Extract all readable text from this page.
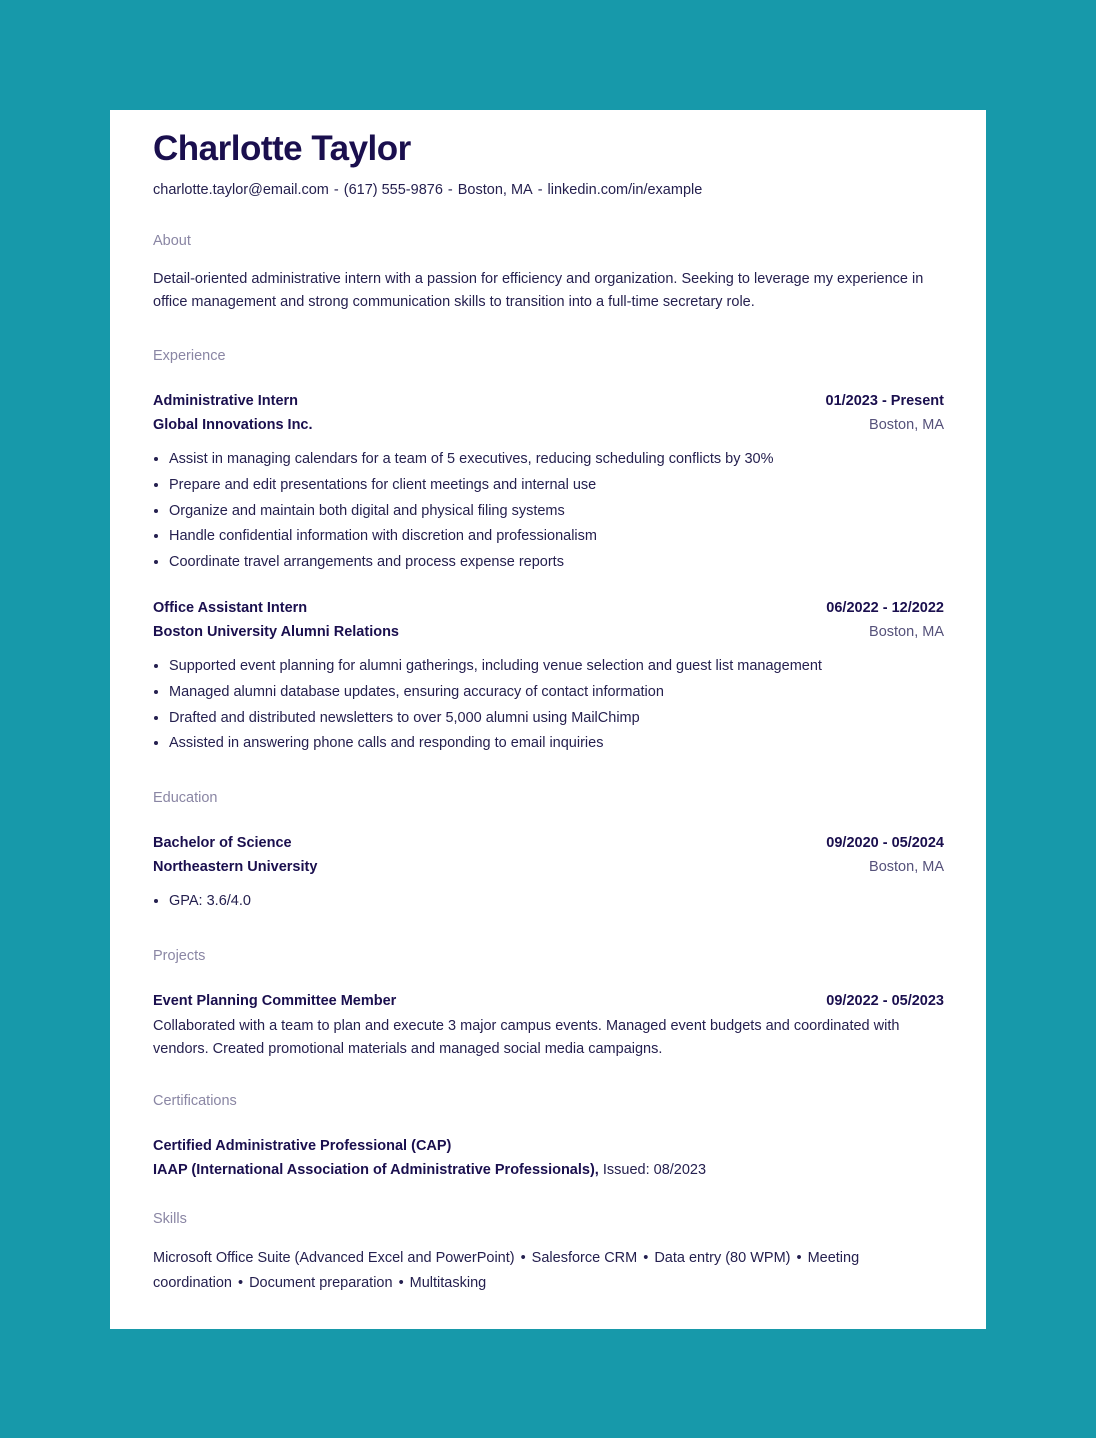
Charlotte Taylor
charlotte.taylor@email.com - (617) 555-9876 - Boston, MA - linkedin.com/in/example
About
Detail-oriented administrative intern with a passion for efficiency and organization. Seeking to leverage my experience in office management and strong communication skills to transition into a full-time secretary role.
Experience
Administrative Intern	01/2023 - Present
Global Innovations Inc.	Boston, MA
• Assist in managing calendars for a team of 5 executives, reducing scheduling conflicts by 30%
• Prepare and edit presentations for client meetings and internal use
• Organize and maintain both digital and physical filing systems
• Handle confidential information with discretion and professionalism
• Coordinate travel arrangements and process expense reports
Office Assistant Intern	06/2022 - 12/2022
Boston University Alumni Relations	Boston, MA
• Supported event planning for alumni gatherings, including venue selection and guest list management
• Managed alumni database updates, ensuring accuracy of contact information
• Drafted and distributed newsletters to over 5,000 alumni using MailChimp
• Assisted in answering phone calls and responding to email inquiries
Education
Bachelor of Science	09/2020 - 05/2024
Northeastern University	Boston, MA
• GPA: 3.6/4.0
Projects
Event Planning Committee Member	09/2022 - 05/2023
Collaborated with a team to plan and execute 3 major campus events. Managed event budgets and coordinated with vendors. Created promotional materials and managed social media campaigns.
Certifications
Certified Administrative Professional (CAP)
IAAP (International Association of Administrative Professionals), Issued: 08/2023
Skills
Microsoft Office Suite (Advanced Excel and PowerPoint) • Salesforce CRM • Data entry (80 WPM) • Meeting coordination • Document preparation • Multitasking
